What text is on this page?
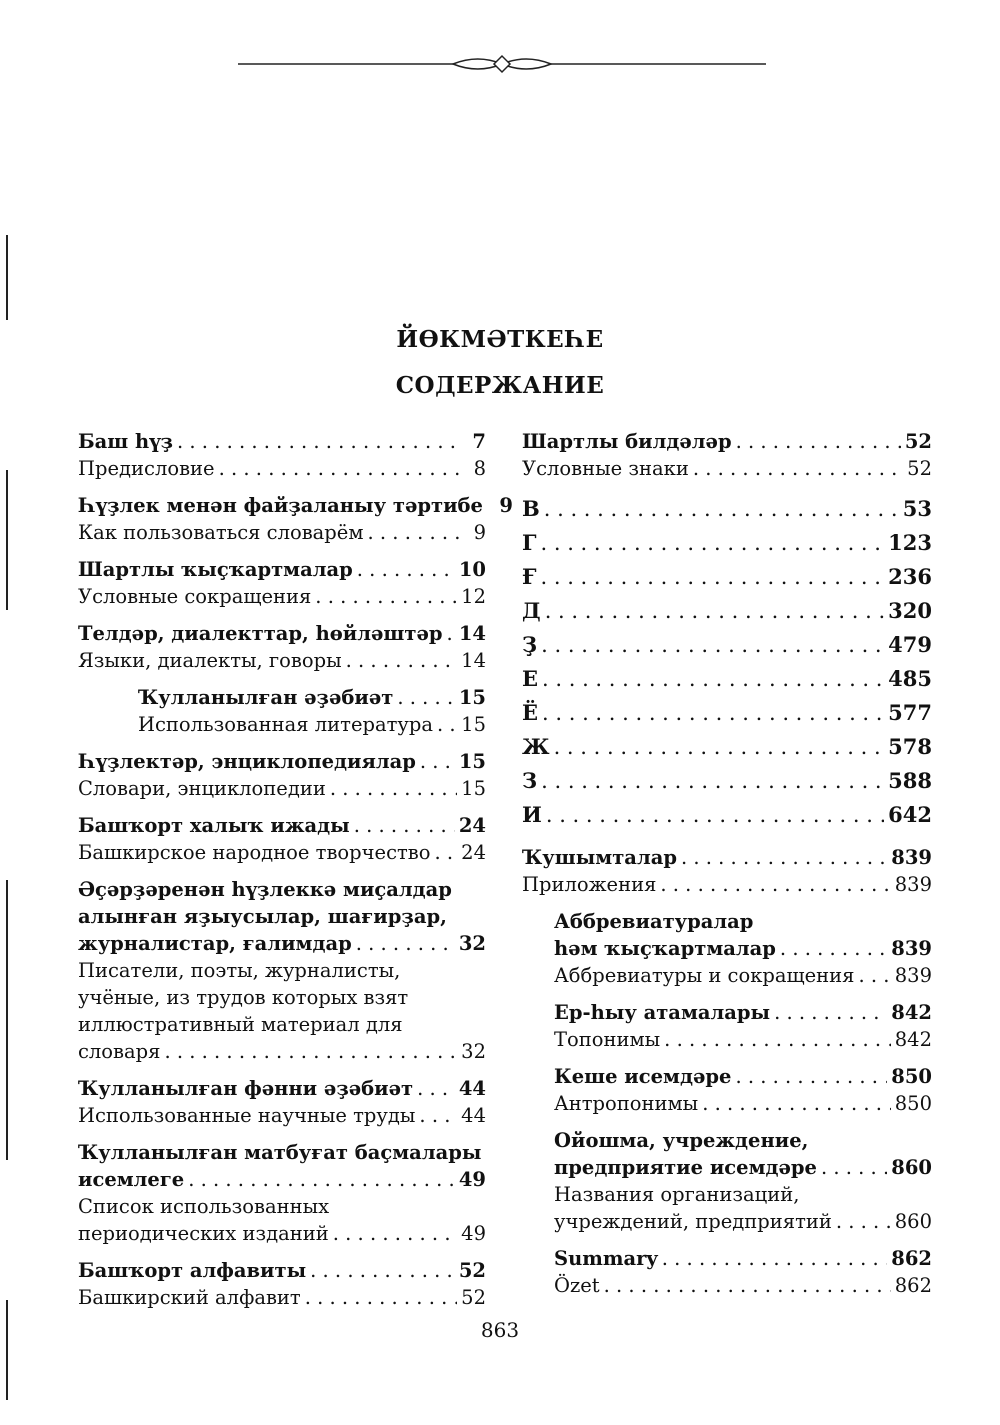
ЙӨКМӘТКЕҺЕ
СОДЕРЖАНИЕ
Баш һүҙ . . .	7
Предисловие . . .	8
Һүҙлек менән файҙаланыу тәртибе 9
Как пользоваться словарём . . .	9
Шартлы ҡыҫҡартмалар . . .	10
Условные сокращения . . .	12
Телдәр, диалекттар, һөйләштәр . . . 14
Языки, диалекты, говоры . . .	14
Ҡулланылған әҙәбиәт . . .	15
Использованная литература . . . 15
Һүҙлектәр, энциклопедиялар . . . 15
Словари, энциклопедии . . .	15
Башҡорт халыҡ ижады . . .	24
Башкирское народное творчество . . . 24
Әҫәрҙәренән һүҙлеккә миҫалдар
алынған яҙыусылар, шағирҙар,
журналистар, ғалимдар . . .	32
Писатели, поэты, журналисты,
учёные, из трудов которых взят
иллюстративный материал для
словаря . . .	32
Ҡулланылған фәнни әҙәбиәт . . . 44
Использованные научные труды . . . 44
Ҡулланылған матбуғат баҫмалары
исемлеге . . .	49
Список использованных
периодических изданий . . .	49
Башҡорт алфавиты . . .	52
Башкирский алфавит . . .	52
Шартлы билдәләр . . .	52
Условные знаки . . .	52
В . . .	53
Г . . .	123
Ғ . . .	236
Д . . .	320
Ҙ . . .	479
Е . . .	485
Ё . . .	577
Ж . . .	578
З . . .	588
И . . .	642
Ҡушымталар . . .	839
Приложения . . .	839
Аббревиатуралар
һәм ҡыҫҡартмалар . . .	839
Аббревиатуры и сокращения . . . 839
Ер-һыу атамалары . . .	842
Топонимы . . .	842
Кеше исемдәре . . .	850
Антропонимы . . .	850
Ойошма, учреждение,
предприятие исемдәре . . .	860
Названия организаций,
учреждений, предприятий . . .	860
Summary . . .	862
Özet . . .	862
863
